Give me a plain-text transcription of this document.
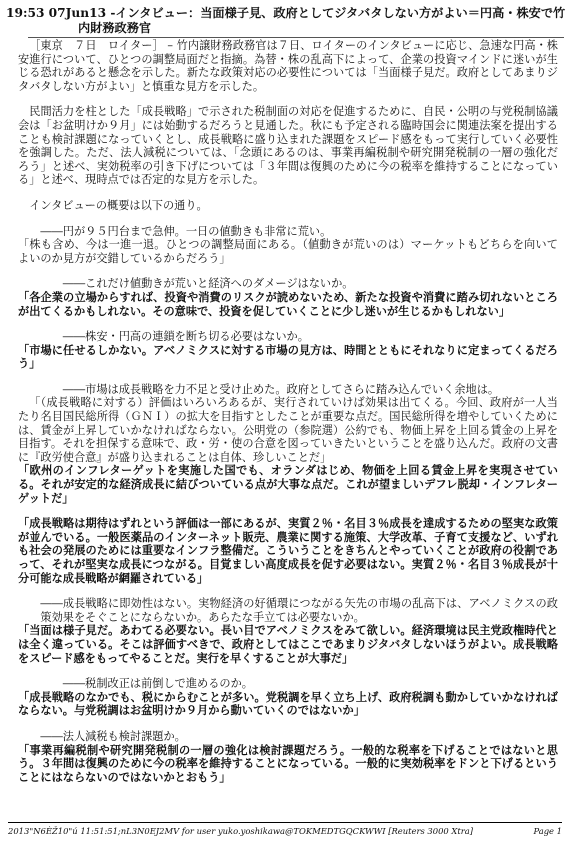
19:53 07Jun13 -インタビュー：当面様子見、政府としてジタバタしない方がよい＝円高・株安で竹
内財務政務官

［東京　７日　ロイター］ – 竹内譲財務政務官は７日、ロイターのインタビューに応じ、急速な円高・株安進行について、ひとつの調整局面だと指摘。為替・株の乱高下によって、企業の投資マインドに迷いが生じる恐れがあると懸念を示した。新たな政策対応の必要性については「当面様子見だ。政府としてあまりジタバタしない方がよい」と慎重な見方を示した。

民間活力を柱とした「成長戦略」で示された税制面の対応を促進するために、自民・公明の与党税制協議会は「お盆明けか９月」には始動するだろうと見通した。秋にも予定される臨時国会に関連法案を提出することも検討課題になっていくとし、成長戦略に盛り込まれた課題をスピード感をもって実行していく必要性を強調した。ただ、法人減税については、「念頭にあるのは、事業再編税制や研究開発税制の一層の強化だろう」と述べ、実効税率の引き下げについては「３年間は復興のために今の税率を維持することになっている」と述べ、現時点では否定的な見方を示した。

インタビューの概要は以下の通り。

――円が９５円台まで急伸。一日の値動きも非常に荒い。

「株も含め、今は一進一退。ひとつの調整局面にある。（値動きが荒いのは）マーケットもどちらを向いてよいのか見方が交錯しているからだろう」

――これだけ値動きが荒いと経済へのダメージはないか。

「各企業の立場からすれば、投資や消費のリスクが読めないため、新たな投資や消費に踏み切れないところが出てくるかもしれない。その意味で、投資を促していくことに少し迷いが生じるかもしれない」

――株安・円高の連鎖を断ち切る必要はないか。

「市場に任せるしかない。アベノミクスに対する市場の見方は、時間とともにそれなりに定まってくるだろう」

――市場は成長戦略を力不足と受け止めた。政府としてさらに踏み込んでいく余地は。

「（成長戦略に対する）評価はいろいろあるが、実行されていけば効果は出てくる。今回、政府が一人当たり名目国民総所得（ＧＮＩ）の拡大を目指すとしたことが重要な点だ。国民総所得を増やしていくためには、賃金が上昇していかなければならない。公明党の（参院選）公約でも、物価上昇を上回る賃金の上昇を目指す。それを担保する意味で、政・労・使の合意を図っていきたいということを盛り込んだ。政府の文書に『政労使合意』が盛り込まれることは自体、珍しいことだ」

「欧州のインフレターゲットを実施した国でも、オランダはじめ、物価を上回る賃金上昇を実現させている。それが安定的な経済成長に結びついている点が大事な点だ。これが望ましいデフレ脱却・インフレターゲットだ」

「成長戦略は期待はずれという評価は一部にあるが、実質２％・名目３％成長を達成するための堅実な政策が並んでいる。一般医薬品のインターネット販売、農業に関する施策、大学改革、子育て支援など、いずれも社会の発展のためには重要なインフラ整備だ。こういうことをきちんとやっていくことが政府の役割であって、それが堅実な成長につながる。目覚ましい高度成長を促す必要はない。実質２％・名目３％成長が十分可能な成長戦略が網羅されている」

――成長戦略に即効性はない。実物経済の好循環につながる矢先の市場の乱高下は、アベノミクスの政策効果をそぐことにならないか。あらたな手立ては必要ないか。

「当面は様子見だ。あわてる必要ない。長い目でアベノミクスをみて欲しい。経済環境は民主党政権時代とは全く違っている。そこは評価すべきで、政府としてはここであまりジタバタしないほうがよい。成長戦略をスピード感をもってやることだ。実行を早くすることが大事だ」

――税制改正は前倒しで進めるのか。

「成長戦略のなかでも、税にからむことが多い。党税調を早く立ち上げ、政府税調も動かしていかなければならない。与党税調はお盆明けか９月から動いていくのではないか」

――法人減税も検討課題か。

「事業再編税制や研究開発税制の一層の強化は検討課題だろう。一般的な税率を下げることではないと思う。３年間は復興のために今の税率を維持することになっている。一般的に実効税率をドンと下げるということにはならないのではないかとおもう」

2013"N6ÈŽ10"ú 11:51:51;nL3N0EJ2MV for user yuko.yoshikawa@TOKMEDTGQCKWWI [Reuters 3000 Xtra]	Page 1
